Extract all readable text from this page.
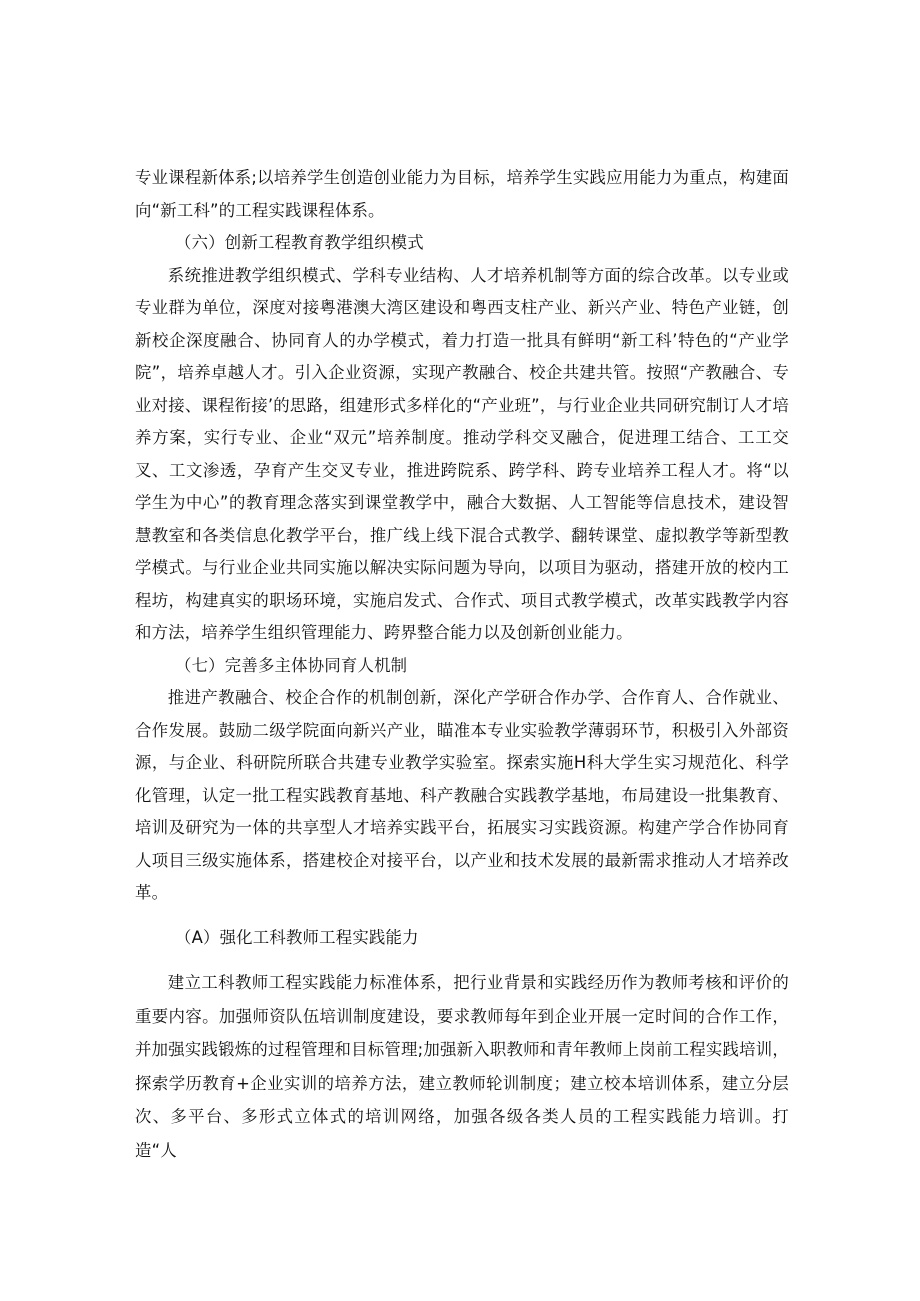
专业课程新体系;以培养学生创造创业能力为目标，培养学生实践应用能力为重点，构建面向“新工科”的工程实践课程体系。

（六）创新工程教育教学组织模式

系统推进教学组织模式、学科专业结构、人才培养机制等方面的综合改革。以专业或专业群为单位，深度对接粤港澳大湾区建设和粤西支柱产业、新兴产业、特色产业链，创新校企深度融合、协同育人的办学模式，着力打造一批具有鲜明“新工科’特色的“产业学院”，培养卓越人才。引入企业资源，实现产教融合、校企共建共管。按照“产教融合、专业对接、课程衔接’的思路，组建形式多样化的“产业班”，与行业企业共同研究制订人才培养方案，实行专业、企业“双元”培养制度。推动学科交叉融合，促进理工结合、工工交叉、工文渗透，孕育产生交叉专业，推进跨院系、跨学科、跨专业培养工程人才。将“以学生为中心”的教育理念落实到课堂教学中，融合大数据、人工智能等信息技术，建设智慧教室和各类信息化教学平台，推广线上线下混合式教学、翻转课堂、虚拟教学等新型教学模式。与行业企业共同实施以解决实际问题为导向，以项目为驱动，搭建开放的校内工程坊，构建真实的职场环境，实施启发式、合作式、项目式教学模式，改革实践教学内容和方法，培养学生组织管理能力、跨界整合能力以及创新创业能力。

（七）完善多主体协同育人机制

推进产教融合、校企合作的机制创新，深化产学研合作办学、合作育人、合作就业、合作发展。鼓励二级学院面向新兴产业，瞄准本专业实验教学薄弱环节，积极引入外部资源，与企业、科研院所联合共建专业教学实验室。探索实施H科大学生实习规范化、科学化管理，认定一批工程实践教育基地、科产教融合实践教学基地，布局建设一批集教育、培训及研究为一体的共享型人才培养实践平台，拓展实习实践资源。构建产学合作协同育人项目三级实施体系，搭建校企对接平台，以产业和技术发展的最新需求推动人才培养改革。

（A）强化工科教师工程实践能力

建立工科教师工程实践能力标准体系，把行业背景和实践经历作为教师考核和评价的重要内容。加强师资队伍培训制度建设，要求教师每年到企业开展一定时间的合作工作，并加强实践锻炼的过程管理和目标管理;加强新入职教师和青年教师上岗前工程实践培训，探索学历教育+企业实训的培养方法，建立教师轮训制度；建立校本培训体系，建立分层次、多平台、多形式立体式的培训网络，加强各级各类人员的工程实践能力培训。打造“人
